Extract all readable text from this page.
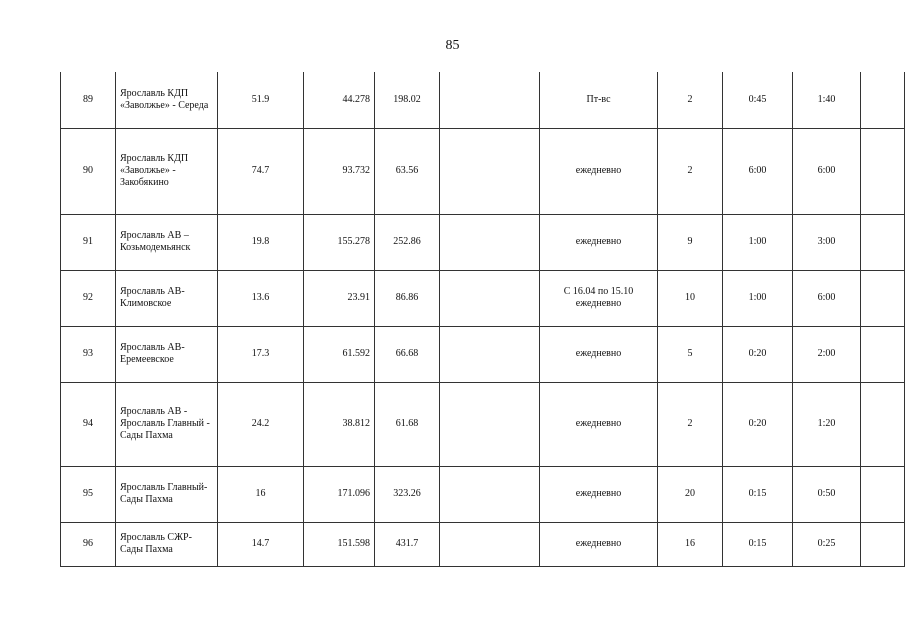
85
89	Ярославль КДП «Заволжье» - Середа	51.9	44.278	198.02		Пт-вс	2	0:45	1:40	
90	Ярославль КДП «Заволжье» - Закобякино	74.7	93.732	63.56		ежедневно	2	6:00	6:00	
91	Ярославль АВ – Козьмодемьянск	19.8	155.278	252.86		ежедневно	9	1:00	3:00	
92	Ярославль АВ-Климовское	13.6	23.91	86.86		С 16.04 по 15.10 ежедневно	10	1:00	6:00	
93	Ярославль АВ-Еремеевское	17.3	61.592	66.68		ежедневно	5	0:20	2:00	
94	Ярославль АВ - Ярославль Главный - Сады Пахма	24.2	38.812	61.68		ежедневно	2	0:20	1:20	
95	Ярославль Главный-Сады Пахма	16	171.096	323.26		ежедневно	20	0:15	0:50	
96	Ярославль СЖР-Сады Пахма	14.7	151.598	431.7		ежедневно	16	0:15	0:25	
